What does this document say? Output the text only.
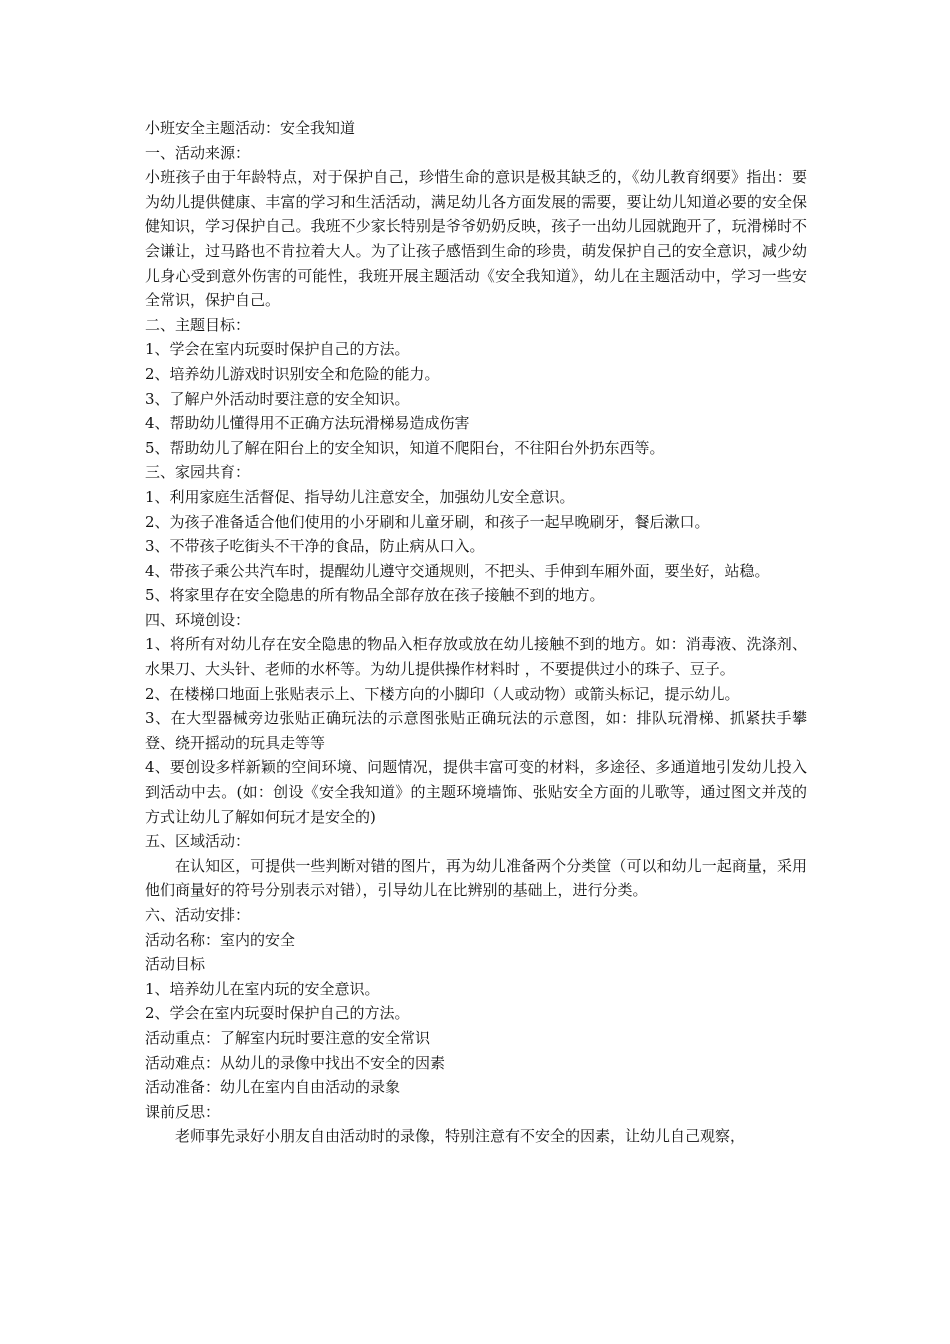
小班安全主题活动：安全我知道

一、活动来源：

小班孩子由于年龄特点，对于保护自己，珍惜生命的意识是极其缺乏的，《幼儿教育纲要》指出：要为幼儿提供健康、丰富的学习和生活活动，满足幼儿各方面发展的需要，要让幼儿知道必要的安全保健知识，学习保护自己。我班不少家长特别是爷爷奶奶反映，孩子一出幼儿园就跑开了，玩滑梯时不会谦让，过马路也不肯拉着大人。为了让孩子感悟到生命的珍贵，萌发保护自己的安全意识，减少幼儿身心受到意外伤害的可能性，我班开展主题活动《安全我知道》，幼儿在主题活动中，学习一些安全常识，保护自己。

二、主题目标：

1、学会在室内玩耍时保护自己的方法。

2、培养幼儿游戏时识别安全和危险的能力。

3、了解户外活动时要注意的安全知识。

4、帮助幼儿懂得用不正确方法玩滑梯易造成伤害

5、帮助幼儿了解在阳台上的安全知识，知道不爬阳台，不往阳台外扔东西等。

三、家园共育：

1、利用家庭生活督促、指导幼儿注意安全，加强幼儿安全意识。

2、为孩子准备适合他们使用的小牙刷和儿童牙刷，和孩子一起早晚刷牙，餐后漱口。

3、不带孩子吃街头不干净的食品，防止病从口入。

4、带孩子乘公共汽车时，提醒幼儿遵守交通规则，不把头、手伸到车厢外面，要坐好，站稳。

5、将家里存在安全隐患的所有物品全部存放在孩子接触不到的地方。

四、环境创设：

1、将所有对幼儿存在安全隐患的物品入柜存放或放在幼儿接触不到的地方。如：消毒液、洗涤剂、水果刀、大头针、老师的水杯等。为幼儿提供操作材料时 ，不要提供过小的珠子、豆子。

2、在楼梯口地面上张贴表示上、下楼方向的小脚印（人或动物）或箭头标记，提示幼儿。

3、在大型器械旁边张贴正确玩法的示意图张贴正确玩法的示意图，如：排队玩滑梯、抓紧扶手攀登、绕开摇动的玩具走等等

4、要创设多样新颖的空间环境、问题情况，提供丰富可变的材料，多途径、多通道地引发幼儿投入到活动中去。(如：创设《安全我知道》的主题环境墙饰、张贴安全方面的儿歌等，通过图文并茂的方式让幼儿了解如何玩才是安全的)

五、区域活动：

在认知区，可提供一些判断对错的图片，再为幼儿准备两个分类筐（可以和幼儿一起商量，采用他们商量好的符号分别表示对错），引导幼儿在比辨别的基础上，进行分类。

六、活动安排：

活动名称：室内的安全

活动目标

1、培养幼儿在室内玩的安全意识。

2、学会在室内玩耍时保护自己的方法。

活动重点：了解室内玩时要注意的安全常识

活动难点：从幼儿的录像中找出不安全的因素

活动准备：幼儿在室内自由活动的录象

课前反思：

老师事先录好小朋友自由活动时的录像，特别注意有不安全的因素，让幼儿自己观察，
